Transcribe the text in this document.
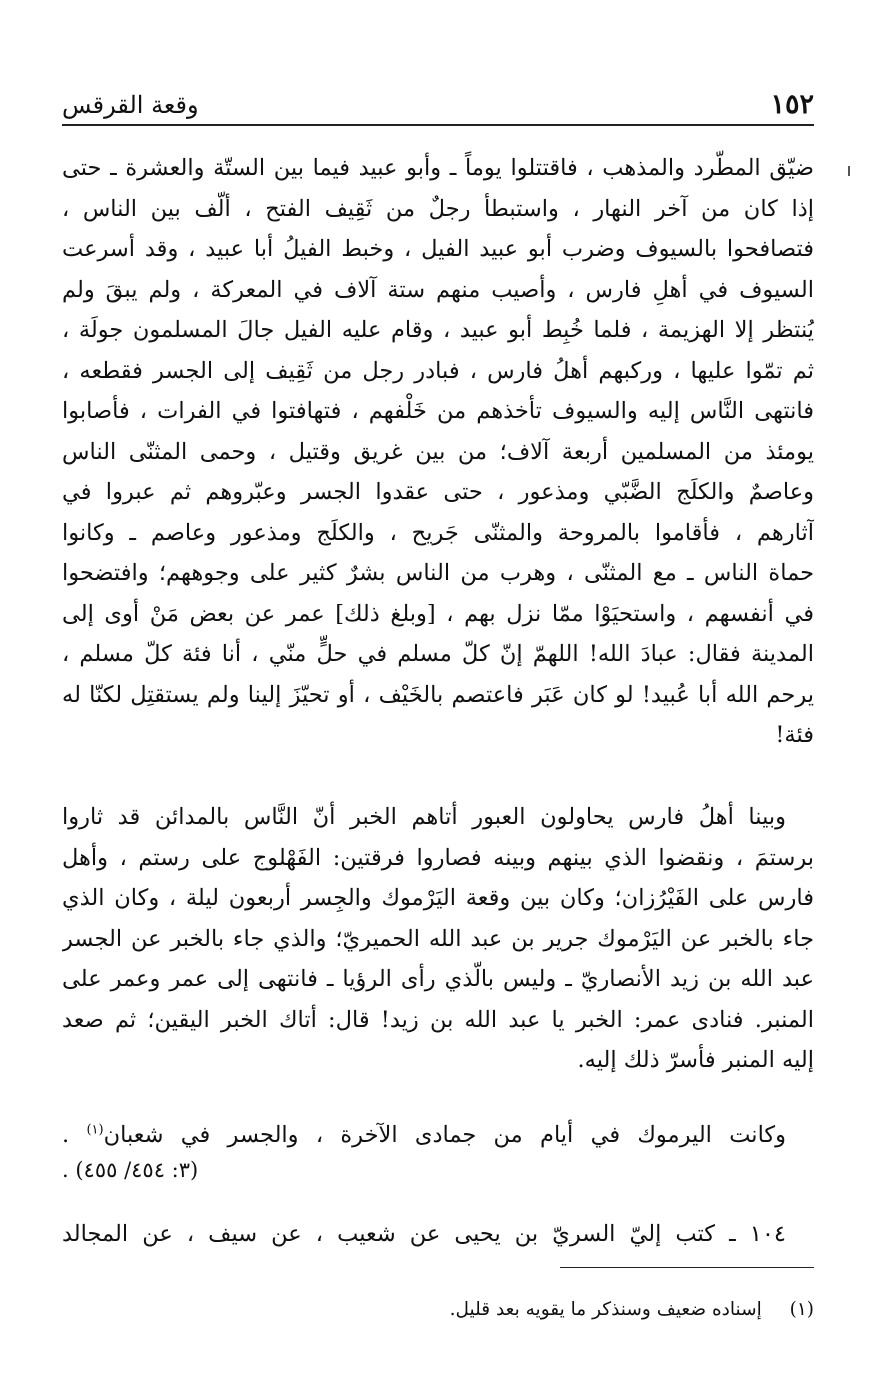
١٥٢
وقعة القرقس
ضيّق المطّرد والمذهب ، فاقتتلوا يوماً ـ وأبو عبيد فيما بين الستّة والعشرة ـ حتى
إذا كان من آخر النهار ، واستبطأ رجلٌ من ثَقِيف الفتح ، ألّف بين الناس ،
فتصافحوا بالسيوف وضرب أبو عبيد الفيل ، وخبط الفيلُ أبا عبيد ، وقد أسرعت
السيوف في أهلِ فارس ، وأصيب منهم ستة آلاف في المعركة ، ولم يبقَ ولم
يُنتظر إلا الهزيمة ، فلما خُبِط أبو عبيد ، وقام عليه الفيل جالَ المسلمون جولَة ،
ثم تمّوا عليها ، وركبهم أهلُ فارس ، فبادر رجل من ثَقِيف إلى الجسر فقطعه ،
فانتهى النَّاس إليه والسيوف تأخذهم من خَلْفهم ، فتهافتوا في الفرات ، فأصابوا
يومئذ من المسلمين أربعة آلاف؛ من بين غريق وقتيل ، وحمى المثنّى الناس
وعاصمٌ والكلَج الضَّبّي ومذعور ، حتى عقدوا الجسر وعبّروهم ثم عبروا في
آثارهم ، فأقاموا بالمروحة والمثنّى جَريح ، والكلَج ومذعور وعاصم ـ وكانوا
حماة الناس ـ مع المثنّى ، وهرب من الناس بشرٌ كثير على وجوههم؛ وافتضحوا
في أنفسهم ، واستحيَوْا ممّا نزل بهم ، [وبلغ ذلك] عمر عن بعض مَنْ أوى إلى
المدينة فقال: عبادَ الله! اللهمّ إنّ كلّ مسلم في حلٍّ منّي ، أنا فئة كلّ مسلم ،
يرحم الله أبا عُبيد! لو كان عَبَر فاعتصم بالخَيْف ، أو تحيّزَ إلينا ولم يستقتِل لكنّا له
فئة!
وبينا أهلُ فارس يحاولون العبور أتاهم الخبر أنّ النَّاس بالمدائن قد ثاروا
برستمَ ، ونقضوا الذي بينهم وبينه فصاروا فرقتين: الفَهْلوج على رستم ، وأهل
فارس على الفَيْرُزان؛ وكان بين وقعة اليَرْموك والجِسر أربعون ليلة ، وكان الذي
جاء بالخبر عن اليَرْموك جرير بن عبد الله الحميريّ؛ والذي جاء بالخبر عن الجسر
عبد الله بن زيد الأنصاريّ ـ وليس بالّذي رأى الرؤيا ـ فانتهى إلى عمر وعمر على
المنبر. فنادى عمر: الخبر يا عبد الله بن زيد! قال: أتاك الخبر اليقين؛ ثم صعد
إليه المنبر فأسرّ ذلك إليه.
وكانت اليرموك في أيام من جمادى الآخرة ، والجسر في شعبان$^{(١)}$ .
(٣: ٤٥٤/ ٤٥٥) .
١٠٤ ـ كتب إليّ السريّ بن يحيى عن شعيب ، عن سيف ، عن المجالد
(١) إسناده ضعيف وسنذكر ما يقويه بعد قليل.
